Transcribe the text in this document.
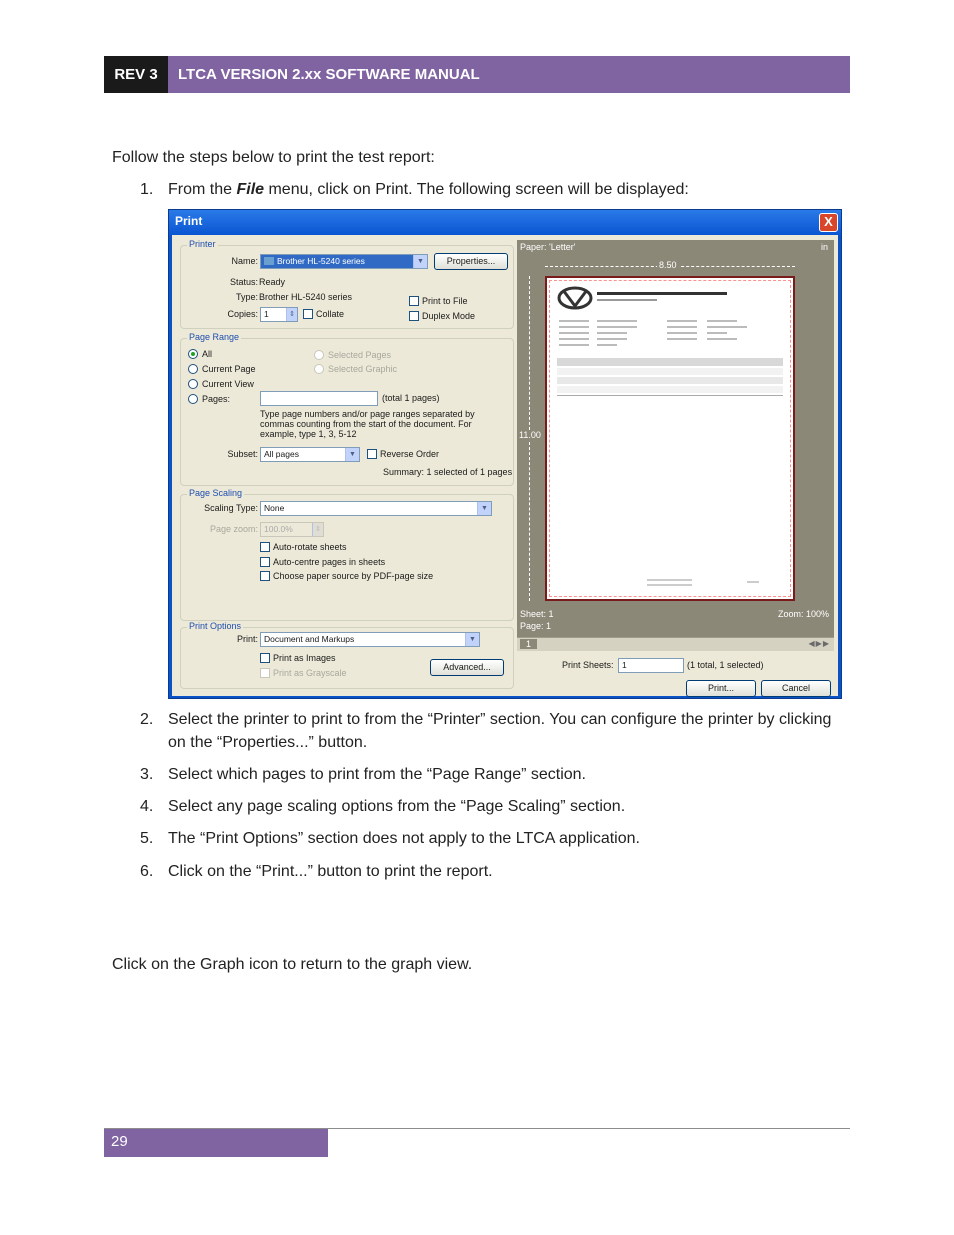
REV 3	LTCA VERSION 2.xx SOFTWARE MANUAL
Follow the steps below to print the test report:
1. From the File menu, click on Print. The following screen will be displayed:
Print	X
Printer
Name:	Brother HL-5240 series	▼	Properties...
Status: Ready
Type: Brother HL-5240 series
Copies: 1	⇕ Collate
Print to File
Duplex Mode
Page Range
All
Current Page
Current View
Pages:
Selected Pages
Selected Graphic
(total 1 pages)
Type page numbers and/or page ranges separated by commas counting from the start of the document. For example, type 1, 3, 5-12
Subset: All pages	▼	Reverse Order
Summary: 1 selected of 1 pages
Page Scaling
Scaling Type: None	▼
Page zoom: 100.0%	⇕
Auto-rotate sheets
Auto-centre pages in sheets
Choose paper source by PDF-page size
Print Options
Print: Document and Markups	▼
Print as Images
Print as Grayscale
Advanced...
Paper: 'Letter'	in
8.50
11.00
Sheet: 1
Page: 1
Zoom: 100%
1	◀▶▶
Print Sheets: 1	(1 total, 1 selected)
Print...	Cancel
2. Select the printer to print to from the “Printer” section. You can configure the printer by clicking on the “Properties...” button.
3. Select which pages to print from the “Page Range” section.
4. Select any page scaling options from the “Page Scaling” section.
5. The “Print Options” section does not apply to the LTCA application.
6. Click on the “Print...” button to print the report.
Click on the Graph icon to return to the graph view.
29
